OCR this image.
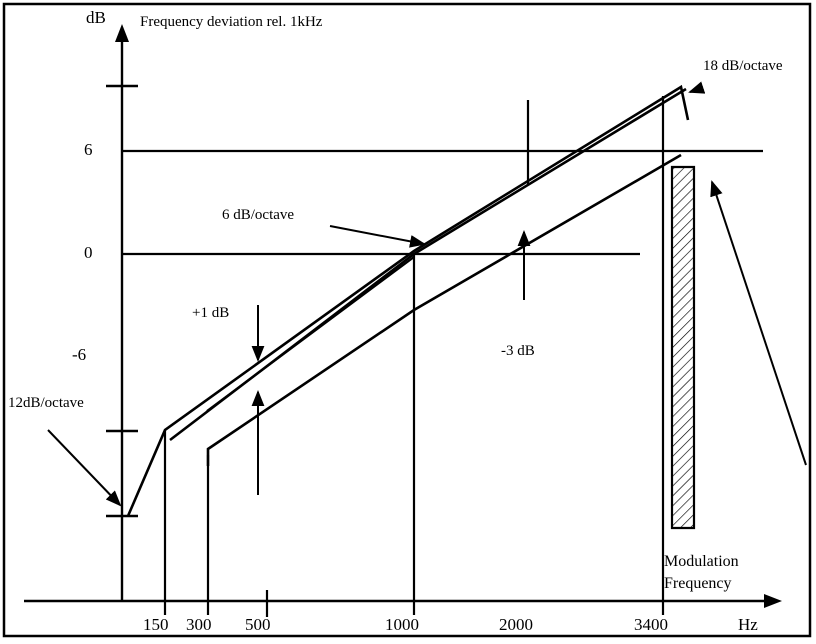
dB Frequency deviation rel. 1kHz
6
0
-6
150 300 500	1000	2000	3400	Hz
18 dB/octave
6 dB/octave
12dB/octave
+1 dB
-3 dB
Modulation
Frequency
